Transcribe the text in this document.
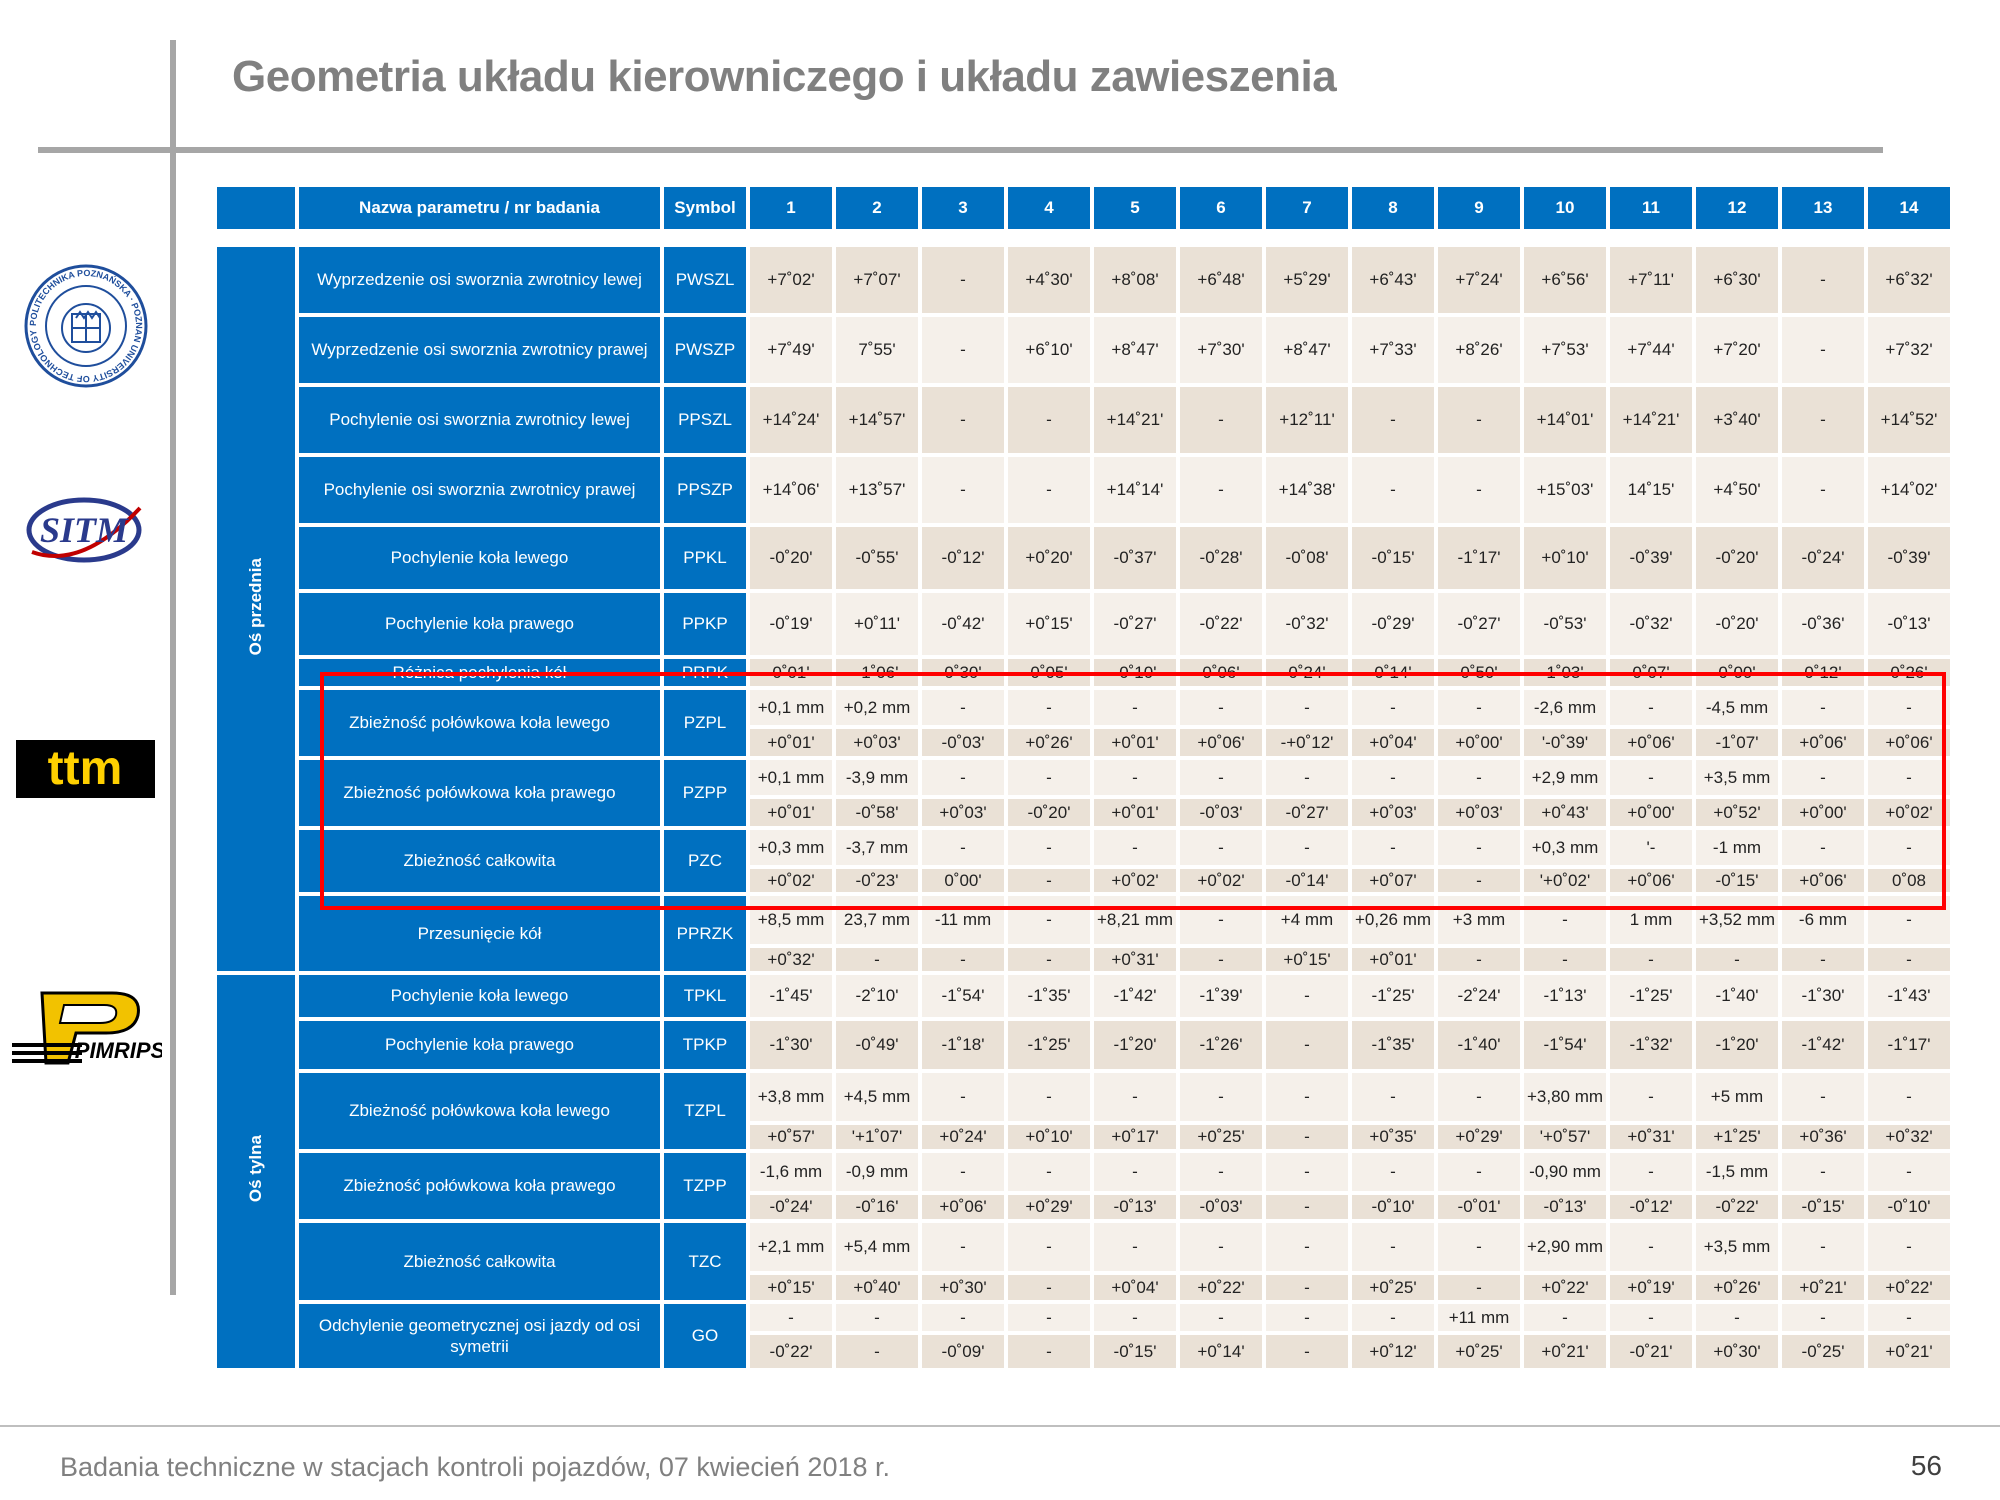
Geometria układu kierowniczego i układu zawieszenia
POLITECHNIKA POZNAŃSKA · POZNAN UNIVERSITY OF TECHNOLOGY
SITM
ttm
PIMRIPS
	Nazwa parametru / nr badania	Symbol	1	2	3	4	5	6	7	8	9	10	11	12	13	14

Oś przednia	Wyprzedzenie osi sworznia zwrotnicy lewej	PWSZL	+7˚02'	+7˚07'	-	+4˚30'	+8˚08'	+6˚48'	+5˚29'	+6˚43'	+7˚24'	+6˚56'	+7˚11'	+6˚30'	-	+6˚32'
	Wyprzedzenie osi sworznia zwrotnicy prawej	PWSZP	+7˚49'	7˚55'	-	+6˚10'	+8˚47'	+7˚30'	+8˚47'	+7˚33'	+8˚26'	+7˚53'	+7˚44'	+7˚20'	-	+7˚32'
	Pochylenie osi sworznia zwrotnicy lewej	PPSZL	+14˚24'	+14˚57'	-	-	+14˚21'	-	+12˚11'	-	-	+14˚01'	+14˚21'	+3˚40'	-	+14˚52'
	Pochylenie osi sworznia zwrotnicy prawej	PPSZP	+14˚06'	+13˚57'	-	-	+14˚14'	-	+14˚38'	-	-	+15˚03'	14˚15'	+4˚50'	-	+14˚02'
	Pochylenie koła lewego	PPKL	-0˚20'	-0˚55'	-0˚12'	+0˚20'	-0˚37'	-0˚28'	-0˚08'	-0˚15'	-1˚17'	+0˚10'	-0˚39'	-0˚20'	-0˚24'	-0˚39'
	Pochylenie koła prawego	PPKP	-0˚19'	+0˚11'	-0˚42'	+0˚15'	-0˚27'	-0˚22'	-0˚32'	-0˚29'	-0˚27'	-0˚53'	-0˚32'	-0˚20'	-0˚36'	-0˚13'
	Różnica pochylenia kół	PRPK	0˚01'	-1˚06'	0˚30'	0˚05'	-0˚10'	0˚06'	0˚24'	0˚14'	0˚50'	1˚03'	0˚07'	0˚00'	0˚12'	0˚26'
	Zbieżność połówkowa koła lewego	PZPL	+0,1 mm	+0,2 mm	-	-	-	-	-	-	-	-2,6 mm	-	-4,5 mm	-	-
			+0˚01'	+0˚03'	-0˚03'	+0˚26'	+0˚01'	+0˚06'	-+0˚12'	+0˚04'	+0˚00'	'-0˚39'	+0˚06'	-1˚07'	+0˚06'	+0˚06'
	Zbieżność połówkowa koła prawego	PZPP	+0,1 mm	-3,9 mm	-	-	-	-	-	-	-	+2,9 mm	-	+3,5 mm	-	-
			+0˚01'	-0˚58'	+0˚03'	-0˚20'	+0˚01'	-0˚03'	-0˚27'	+0˚03'	+0˚03'	+0˚43'	+0˚00'	+0˚52'	+0˚00'	+0˚02'
	Zbieżność całkowita	PZC	+0,3 mm	-3,7 mm	-	-	-	-	-	-	-	+0,3 mm	'-	-1 mm	-	-
			+0˚02'	-0˚23'	0˚00'	-	+0˚02'	+0˚02'	-0˚14'	+0˚07'	-	'+0˚02'	+0˚06'	-0˚15'	+0˚06'	0˚08
	Przesunięcie kół	PPRZK	+8,5 mm	23,7 mm	-11 mm	-	+8,21 mm	-	+4 mm	+0,26 mm	+3 mm	-	1 mm	+3,52 mm	-6 mm	-
			+0˚32'	-	-	-	+0˚31'	-	+0˚15'	+0˚01'	-	-	-	-	-	-
Oś tylna	Pochylenie koła lewego	TPKL	-1˚45'	-2˚10'	-1˚54'	-1˚35'	-1˚42'	-1˚39'	-	-1˚25'	-2˚24'	-1˚13'	-1˚25'	-1˚40'	-1˚30'	-1˚43'
	Pochylenie koła prawego	TPKP	-1˚30'	-0˚49'	-1˚18'	-1˚25'	-1˚20'	-1˚26'	-	-1˚35'	-1˚40'	-1˚54'	-1˚32'	-1˚20'	-1˚42'	-1˚17'
	Zbieżność połówkowa koła lewego	TZPL	+3,8 mm	+4,5 mm	-	-	-	-	-	-	-	+3,80 mm	-	+5 mm	-	-
			+0˚57'	'+1˚07'	+0˚24'	+0˚10'	+0˚17'	+0˚25'	-	+0˚35'	+0˚29'	'+0˚57'	+0˚31'	+1˚25'	+0˚36'	+0˚32'
	Zbieżność połówkowa koła prawego	TZPP	-1,6 mm	-0,9 mm	-	-	-	-	-	-	-	-0,90 mm	-	-1,5 mm	-	-
			-0˚24'	-0˚16'	+0˚06'	+0˚29'	-0˚13'	-0˚03'	-	-0˚10'	-0˚01'	-0˚13'	-0˚12'	-0˚22'	-0˚15'	-0˚10'
	Zbieżność całkowita	TZC	+2,1 mm	+5,4 mm	-	-	-	-	-	-	-	+2,90 mm	-	+3,5 mm	-	-
			+0˚15'	+0˚40'	+0˚30'	-	+0˚04'	+0˚22'	-	+0˚25'	-	+0˚22'	+0˚19'	+0˚26'	+0˚21'	+0˚22'
	Odchylenie geometrycznej osi jazdy od osi symetrii	GO	-	-	-	-	-	-	-	-	+11 mm	-	-	-	-	-
			-0˚22'	-	-0˚09'	-	-0˚15'	+0˚14'	-	+0˚12'	+0˚25'	+0˚21'	-0˚21'	+0˚30'	-0˚25'	+0˚21'
Badania techniczne w stacjach kontroli pojazdów, 07 kwiecień 2018 r.	56
